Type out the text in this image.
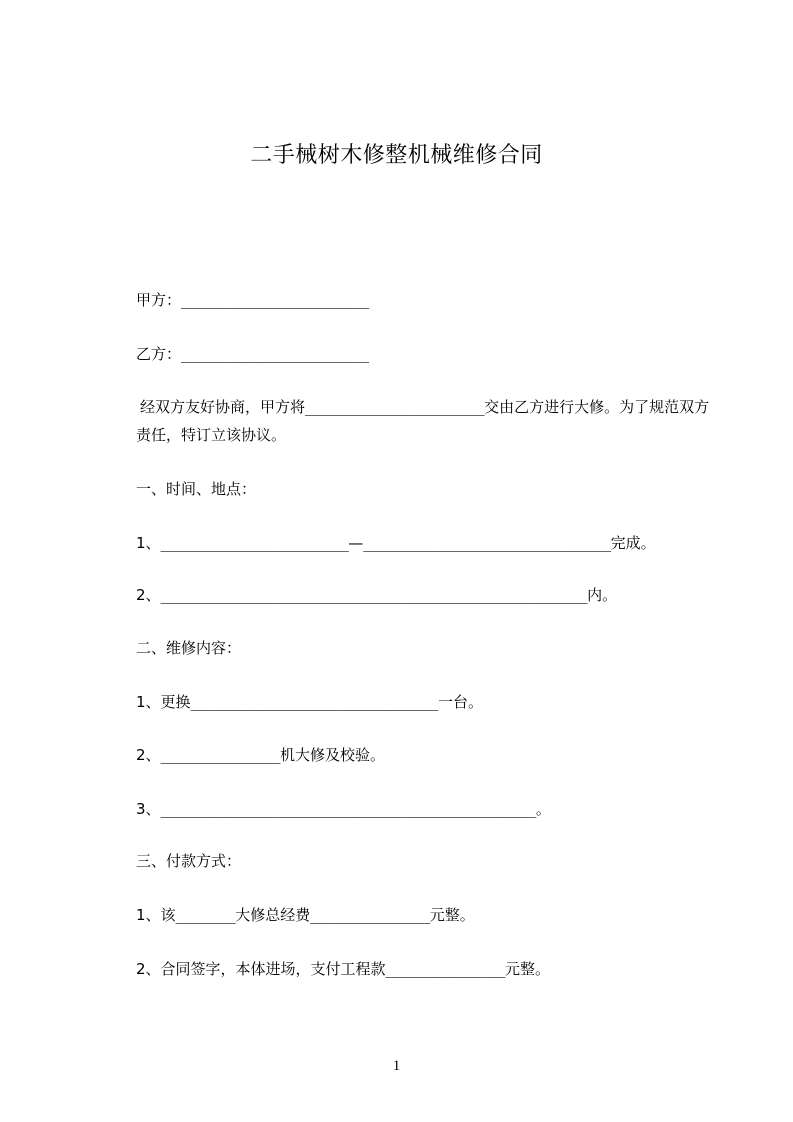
二手械树木修整机械维修合同
甲方：______________________
乙方：______________________
经双方友好协商，甲方将_____________________交由乙方进行大修。为了规范双方责任，特订立该协议。
一、时间、地点：
1、______________________—_____________________________完成。
2、__________________________________________________内。
二、维修内容：
1、更换_____________________________一台。
2、______________机大修及校验。
3、____________________________________________。
三、付款方式：
1、该_______大修总经费______________元整。
2、合同签字，本体进场，支付工程款______________元整。
1
